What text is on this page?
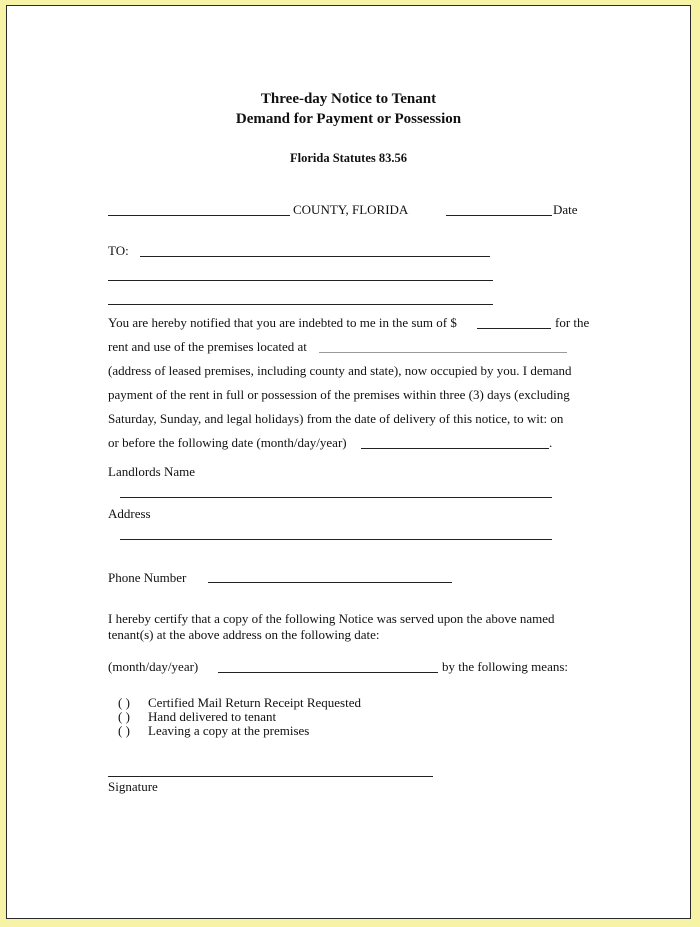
Three-day Notice to Tenant
Demand for Payment or Possession
Florida Statutes 83.56
COUNTY, FLORIDA	Date
TO:
You are hereby notified that you are indebted to me in the sum of $	for the
rent and use of the premises located at
(address of leased premises, including county and state), now occupied by you. I demand
payment of the rent in full or possession of the premises within three (3) days (excluding
Saturday, Sunday, and legal holidays) from the date of delivery of this notice, to wit: on
or before the following date (month/day/year)	.
Landlords Name
Address
Phone Number
I hereby certify that a copy of the following Notice was served upon the above named
tenant(s) at the above address on the following date:
(month/day/year)	by the following means:
( ) Certified Mail Return Receipt Requested
( ) Hand delivered to tenant
( ) Leaving a copy at the premises
Signature
